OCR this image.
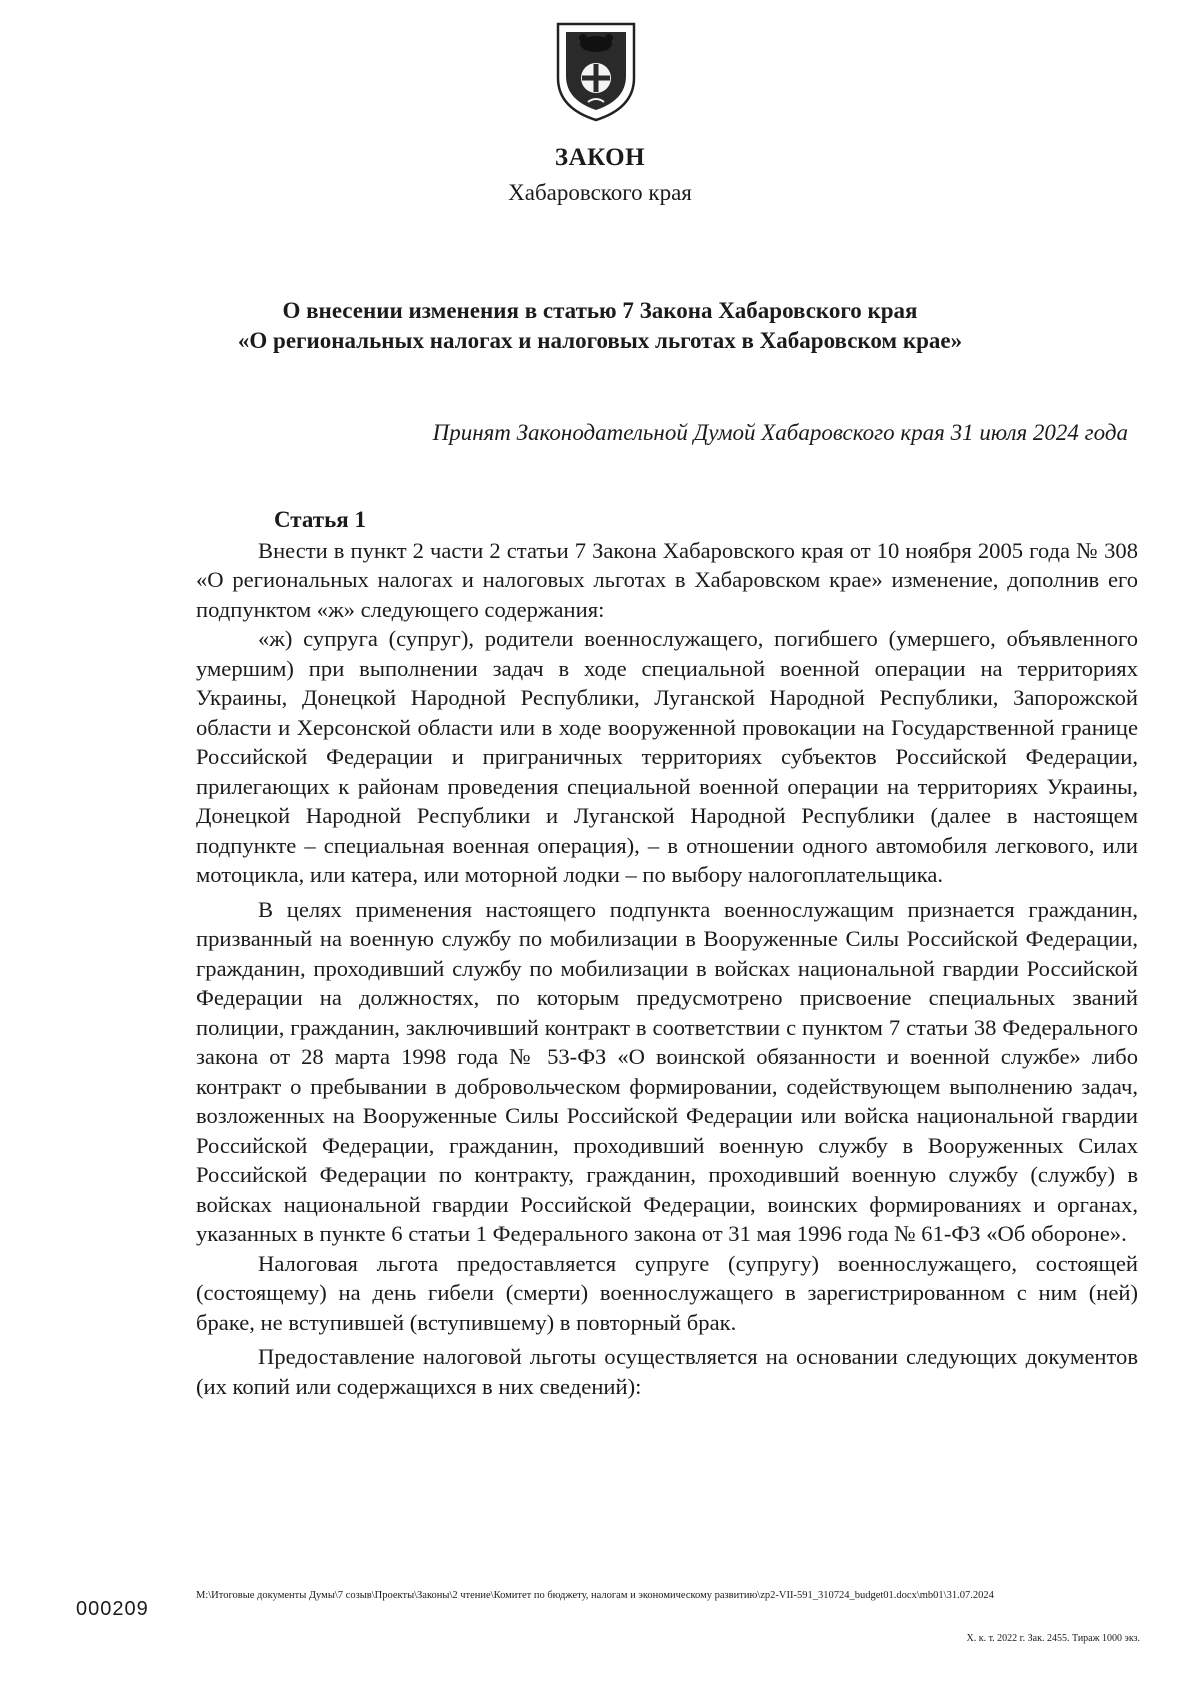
ЗАКОН
Хабаровского края
О внесении изменения в статью 7 Закона Хабаровского края
«О региональных налогах и налоговых льготах в Хабаровском крае»
Принят Законодательной Думой Хабаровского края 31 июля 2024 года
Статья 1

Внести в пункт 2 части 2 статьи 7 Закона Хабаровского края от 10 ноября 2005 года № 308 «О региональных налогах и налоговых льготах в Хабаровском крае» изменение, дополнив его подпунктом «ж» следующего содержания:

«ж) супруга (супруг), родители военнослужащего, погибшего (умершего, объявленного умершим) при выполнении задач в ходе специальной военной операции на территориях Украины, Донецкой Народной Республики, Луганской Народной Республики, Запорожской области и Херсонской области или в ходе вооруженной провокации на Государственной границе Российской Федерации и приграничных территориях субъектов Российской Федерации, прилегающих к районам проведения специальной военной операции на территориях Украины, Донецкой Народной Республики и Луганской Народной Республики (далее в настоящем подпункте – специальная военная операция), – в отношении одного автомобиля легкового, или мотоцикла, или катера, или моторной лодки – по выбору налогоплательщика.

В целях применения настоящего подпункта военнослужащим признается гражданин, призванный на военную службу по мобилизации в Вооруженные Силы Российской Федерации, гражданин, проходивший службу по мобилизации в войсках национальной гвардии Российской Федерации на должностях, по которым предусмотрено присвоение специальных званий полиции, гражданин, заключивший контракт в соответствии с пунктом 7 статьи 38 Федерального закона от 28 марта 1998 года № 53-ФЗ «О воинской обязанности и военной службе» либо контракт о пребывании в добровольческом формировании, содействующем выполнению задач, возложенных на Вооруженные Силы Российской Федерации или войска национальной гвардии Российской Федерации, гражданин, проходивший военную службу в Вооруженных Силах Российской Федерации по контракту, гражданин, проходивший военную службу (службу) в войсках национальной гвардии Российской Федерации, воинских формированиях и органах, указанных в пункте 6 статьи 1 Федерального закона от 31 мая 1996 года № 61-ФЗ «Об обороне».

Налоговая льгота предоставляется супруге (супругу) военнослужащего, состоящей (состоящему) на день гибели (смерти) военнослужащего в зарегистрированном с ним (ней) браке, не вступившей (вступившему) в повторный брак.

Предоставление налоговой льготы осуществляется на основании следующих документов (их копий или содержащихся в них сведений):

000209
M:\Итоговые документы Думы\7 созыв\Проекты\Законы\2 чтение\Комитет по бюджету, налогам и экономическому развитию\zp2-VII-591_310724_budget01.docx\mb01\31.07.2024
Х. к. т. 2022 г. Зак. 2455. Тираж 1000 экз.
